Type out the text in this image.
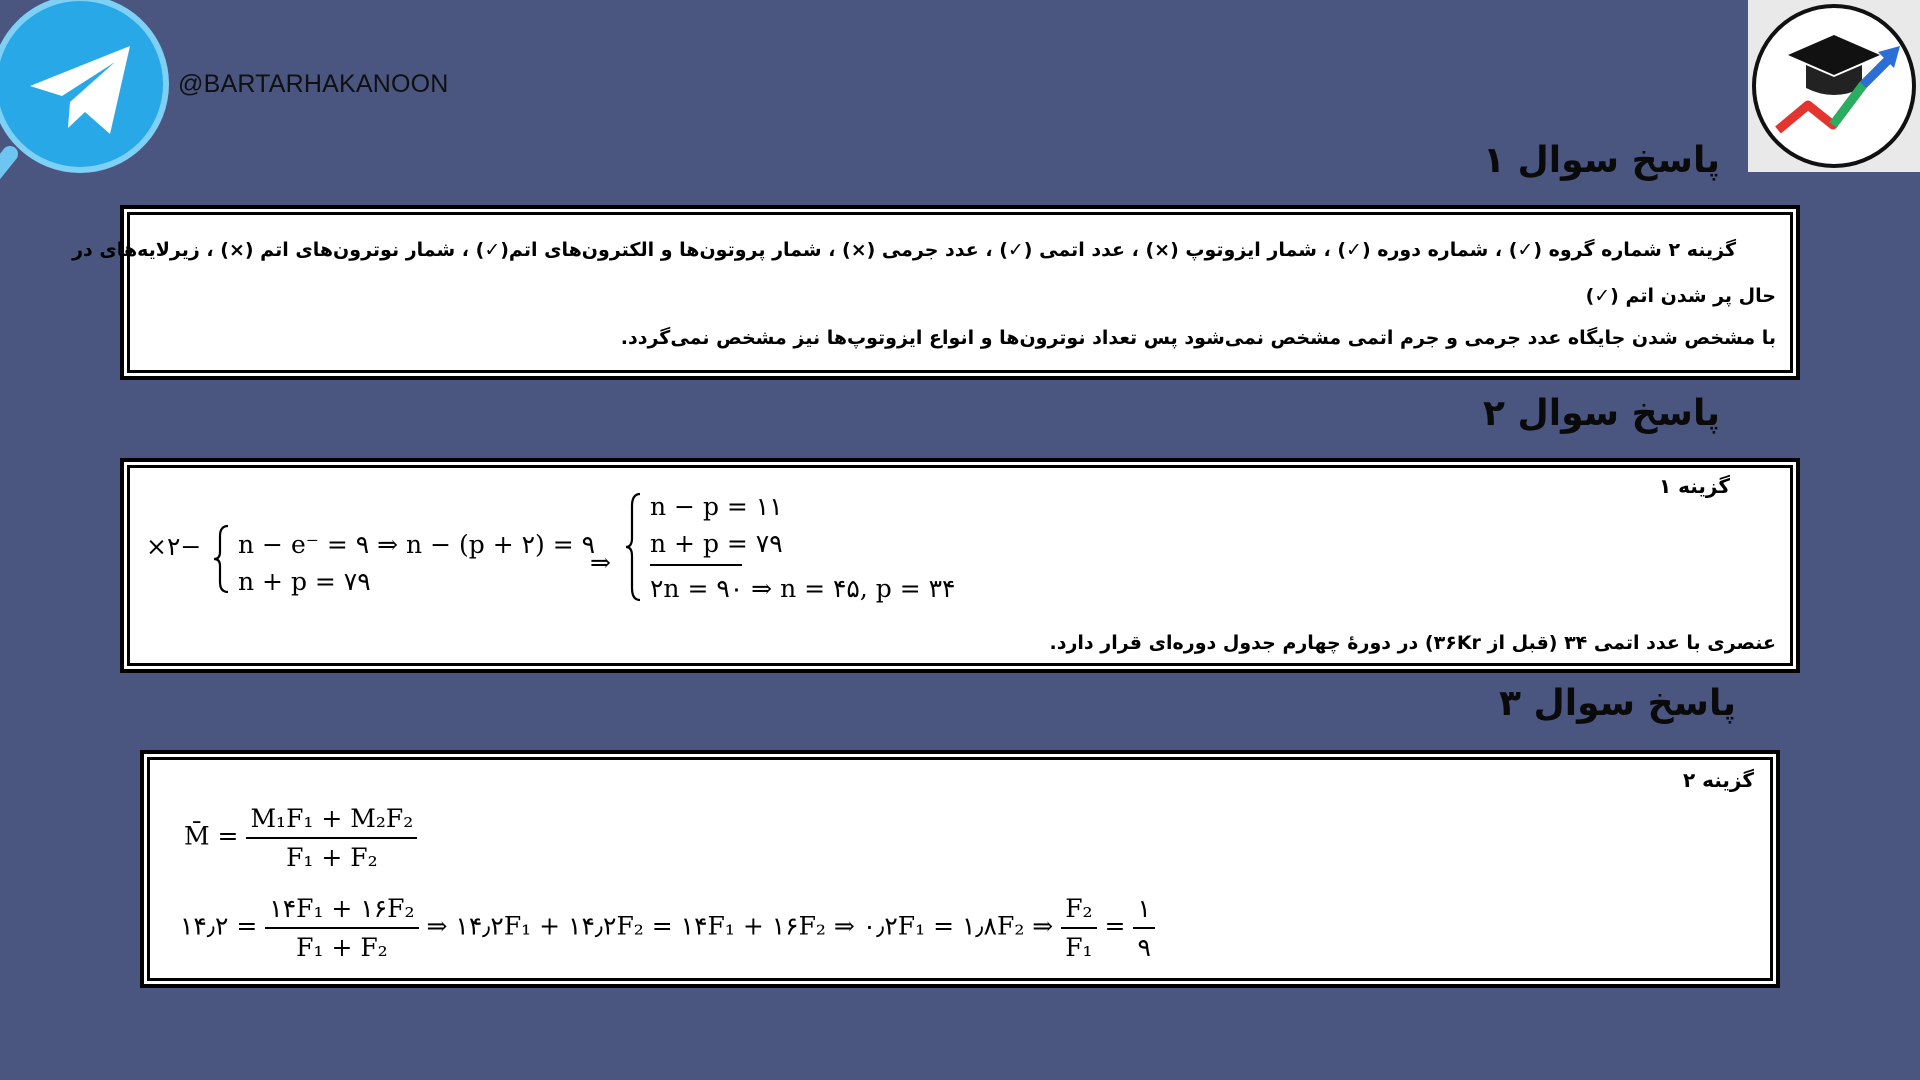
@BARTARHAKANOON
پاسخ سوال ۱
گزینه ۲ شماره گروه (✓) ، شماره دوره (✓) ، شمار ایزوتوپ (×) ، عدد اتمی (✓) ، عدد جرمی (×) ، شمار پروتون‌ها و الکترون‌های اتم(✓) ، شمار نوترون‌های اتم (×) ، زیرلایه‌های در
حال پر شدن اتم (✓)
با مشخص شدن جایگاه عدد جرمی و جرم اتمی مشخص نمی‌شود پس تعداد نوترون‌ها و انواع ایزوتوپ‌ها نیز مشخص نمی‌گردد.
پاسخ سوال ۲
گزینه ۱
×۲− n − e⁻ = ۹ ⇒ n − (p + ۲) = ۹
n + p = ۷۹
⇒
n − p = ۱۱
n + p = ۷۹
۲n = ۹۰ ⇒ n = ۴۵, p = ۳۴
عنصری با عدد اتمی ۳۴ (قبل از ۳۶Kr) در دورهٔ چهارم جدول دوره‌ای قرار دارد.
پاسخ سوال ۳
گزینه ۲
M̄ = $\frac{\text{M₁F₁ + M₂F₂}}{\text{F₁ + F₂}}$
۱۴٫۲ = $\frac{\text{۱۴F₁ + ۱۶F₂}}{\text{F₁ + F₂}}$ ⇒ ۱۴٫۲F₁ + ۱۴٫۲F₂ = ۱۴F₁ + ۱۶F₂ ⇒ ۰٫۲F₁ = ۱٫۸F₂ ⇒ $\frac{\text{F₂}}{\text{F₁}} = \frac{۱}{۹}$
